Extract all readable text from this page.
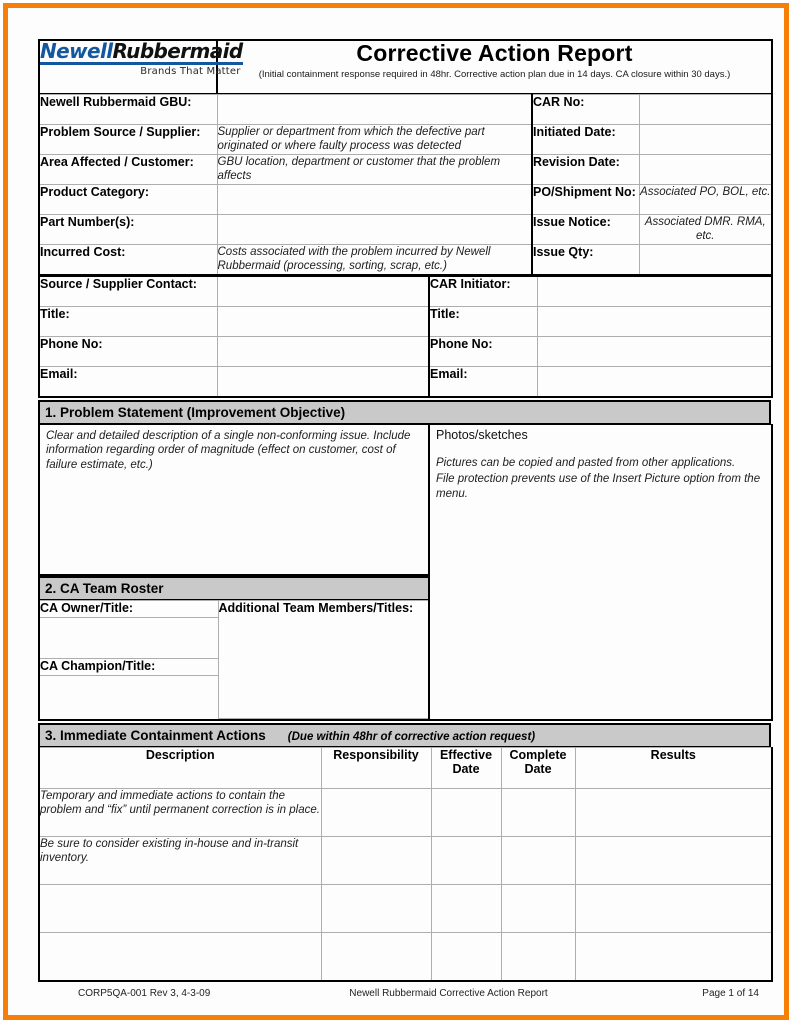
NewellRubbermaid
Brands That Matter

Corrective Action Report
(Initial containment response required in 48hr. Corrective action plan due in 14 days. CA closure within 30 days.)
Newell Rubbermaid GBU:		CAR No:	
Problem Source / Supplier:	Supplier or department from which the defective part originated or where faulty process was detected	Initiated Date:	
Area Affected / Customer:	GBU location, department or customer that the problem affects	Revision Date:	
Product Category:		PO/Shipment No:	Associated PO, BOL, etc.
Part Number(s):		Issue Notice:	Associated DMR. RMA, etc.
Incurred Cost:	Costs associated with the problem incurred by Newell Rubbermaid (processing, sorting, scrap, etc.)	Issue Qty:	
Source / Supplier Contact:		CAR Initiator:	
Title:		Title:	
Phone No:		Phone No:	
Email:		Email:	
1. Problem Statement (Improvement Objective)
Clear and detailed description of a single non-conforming issue. Include information regarding order of magnitude (effect on customer, cost of failure estimate, etc.)
2. CA Team Roster
CA Owner/Title:	Additional Team Members/Titles:

CA Champion/Title:

Photos/sketches
Pictures can be copied and pasted from other applications.
File protection prevents use of the Insert Picture option from the menu.
3. Immediate Containment Actions (Due within 48hr of corrective action request)
Description	Responsibility	Effective Date	Complete Date	Results
Temporary and immediate actions to contain the problem and “fix” until permanent correction is in place.				
Be sure to consider existing in-house and in-transit inventory.				

CORP5QA-001 Rev 3, 4-3-09	Newell Rubbermaid Corrective Action Report	Page 1 of 14
